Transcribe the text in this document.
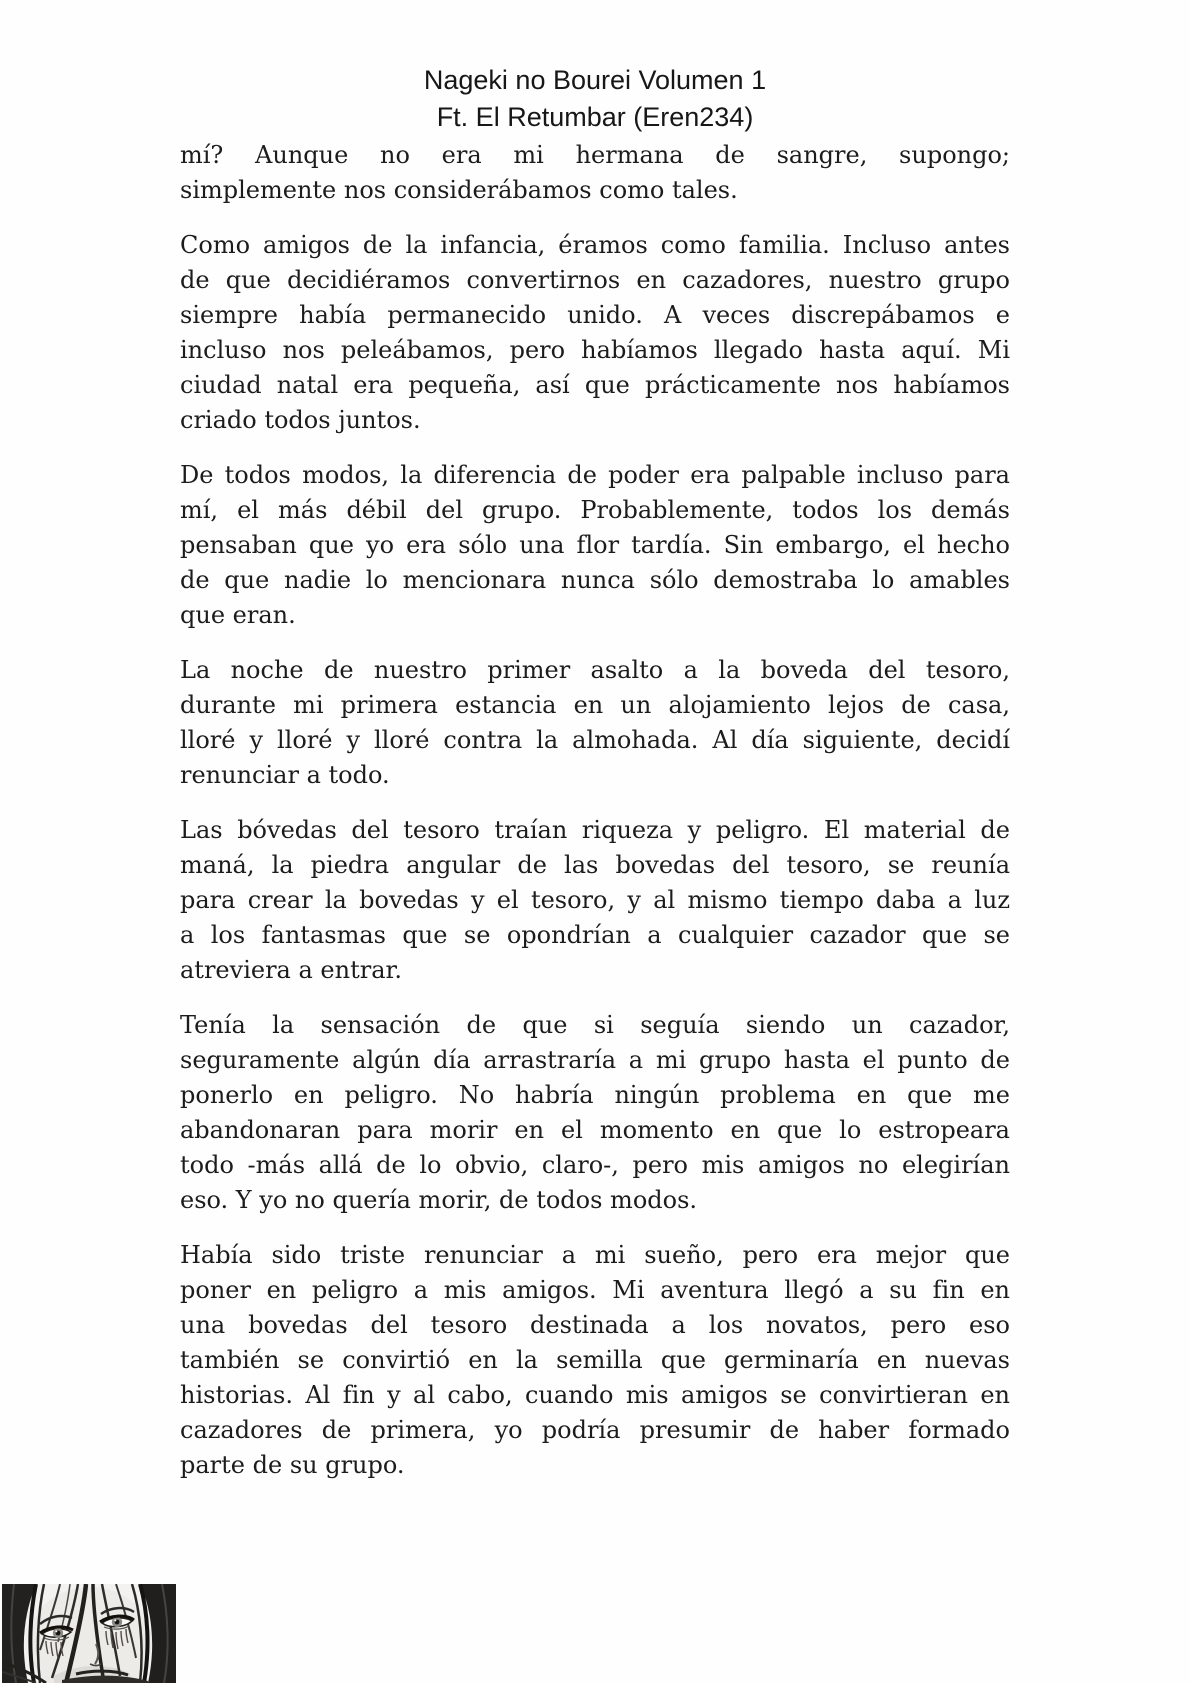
Nageki no Bourei Volumen 1
Ft. El Retumbar (Eren234)
mí? Aunque no era mi hermana de sangre, supongo;
simplemente nos considerábamos como tales.
Como amigos de la infancia, éramos como familia. Incluso antes
de que decidiéramos convertirnos en cazadores, nuestro grupo
siempre había permanecido unido. A veces discrepábamos e
incluso nos peleábamos, pero habíamos llegado hasta aquí. Mi
ciudad natal era pequeña, así que prácticamente nos habíamos
criado todos juntos.
De todos modos, la diferencia de poder era palpable incluso para
mí, el más débil del grupo. Probablemente, todos los demás
pensaban que yo era sólo una flor tardía. Sin embargo, el hecho
de que nadie lo mencionara nunca sólo demostraba lo amables
que eran.
La noche de nuestro primer asalto a la boveda del tesoro,
durante mi primera estancia en un alojamiento lejos de casa,
lloré y lloré y lloré contra la almohada. Al día siguiente, decidí
renunciar a todo.
Las bóvedas del tesoro traían riqueza y peligro. El material de
maná, la piedra angular de las bovedas del tesoro, se reunía
para crear la bovedas y el tesoro, y al mismo tiempo daba a luz
a los fantasmas que se opondrían a cualquier cazador que se
atreviera a entrar.
Tenía la sensación de que si seguía siendo un cazador,
seguramente algún día arrastraría a mi grupo hasta el punto de
ponerlo en peligro. No habría ningún problema en que me
abandonaran para morir en el momento en que lo estropeara
todo -más allá de lo obvio, claro-, pero mis amigos no elegirían
eso. Y yo no quería morir, de todos modos.
Había sido triste renunciar a mi sueño, pero era mejor que
poner en peligro a mis amigos. Mi aventura llegó a su fin en
una bovedas del tesoro destinada a los novatos, pero eso
también se convirtió en la semilla que germinaría en nuevas
historias. Al fin y al cabo, cuando mis amigos se convirtieran en
cazadores de primera, yo podría presumir de haber formado
parte de su grupo.
